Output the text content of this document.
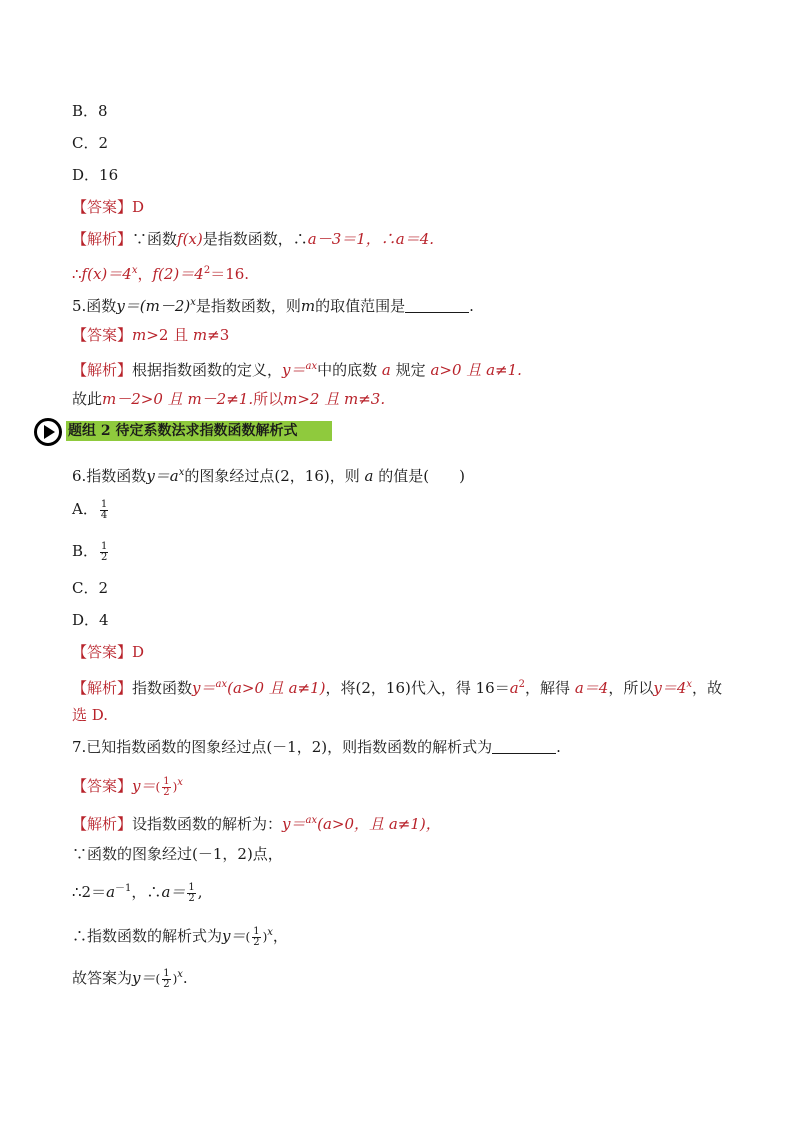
B．8
C．2
D．16
【答案】D
【解析】∵函数f(x)是指数函数，∴a－3＝1，∴a＝4.
$\therefore f(x)=4^x$，$f(2)=4^2=16$.
5.函数$y=(m-2)^x$是指数函数，则m的取值范围是	.
【答案】m>2 且 m≠3
【解析】根据指数函数的定义，y＝$^{ax}$中的底数 a 规定 a>0 且 a≠1.
故此m－2>0 且 m－2≠1.所以m>2 且 m≠3.
题组 2 待定系数法求指数函数解析式
6.指数函数$y=a^x$的图象经过点(2，16)，则 a 的值是(　　)
A． $\frac{1}{4}$
B． $\frac{1}{2}$
C．2
D．4
【答案】D
【解析】指数函数y＝$^{ax}$(a>0 且 a≠1)，将(2，16)代入，得 $16=a^2$，解得 a＝4，所以$y=4^x$，故
选 D.
7.已知指数函数的图象经过点(－1，2)，则指数函数的解析式为	.
【答案】$y=( \frac{1}{2} )^x$
【解析】设指数函数的解析为：y＝$^{ax}$(a>0，且 a≠1)，
∵函数的图象经过(－1，2)点，
$\therefore 2=a^{-1}$，∴a＝ $\frac{1}{2}$ ,
∴指数函数的解析式为$y=( \frac{1}{2} )^x$，
故答案为$y=( \frac{1}{2} )^x$.
